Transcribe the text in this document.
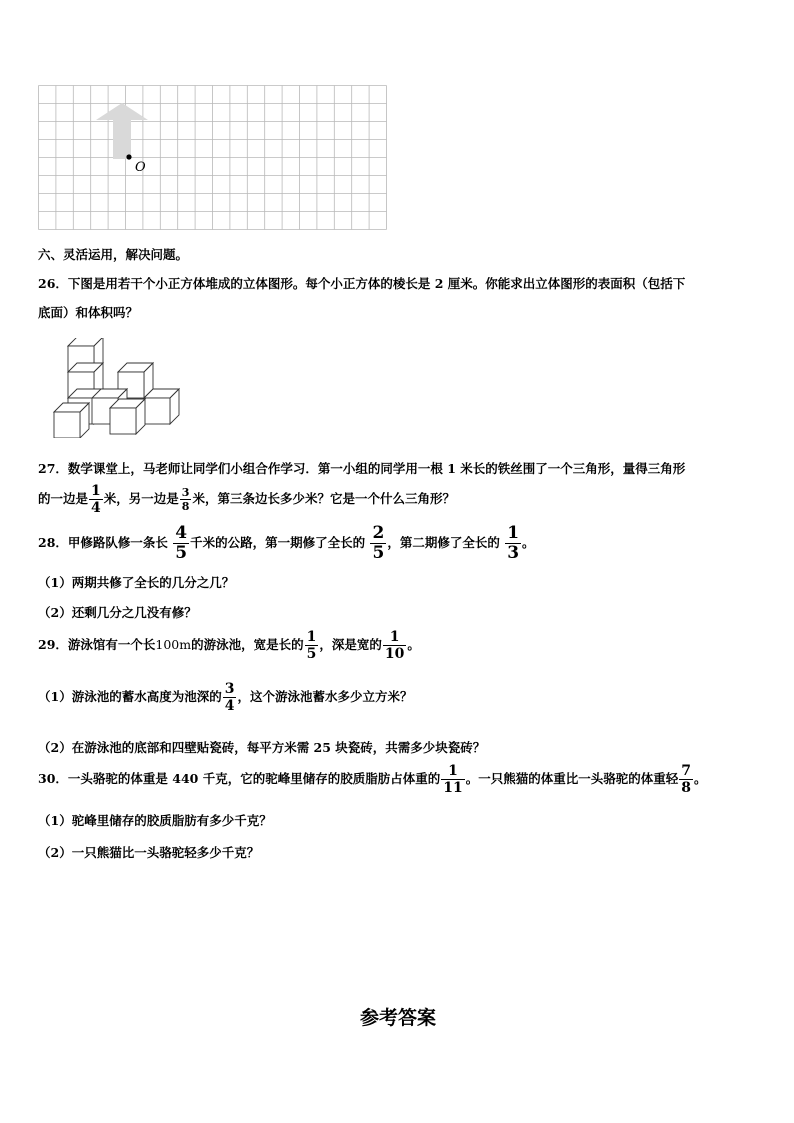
O
六、灵活运用，解决问题。
26．下图是用若干个小正方体堆成的立体图形。每个小正方体的棱长是 2 厘米。你能求出立体图形的表面积（包括下
底面）和体积吗？
27．数学课堂上，马老师让同学们小组合作学习．第一小组的同学用一根 1 米长的铁丝围了一个三角形，量得三角形
的一边是 $\frac{1}{4}$ 米，另一边是 $\frac{3}{8}$ 米，第三条边长多少米？它是一个什么三角形？
28．甲修路队修一条长 $\frac{4}{5}$ 千米的公路，第一期修了全长的 $\frac{2}{5}$ ，第二期修了全长的 $\frac{1}{3}$ 。
（1）两期共修了全长的几分之几？
（2）还剩几分之几没有修？
29．游泳馆有一个长100m的游泳池，宽是长的 $\frac{1}{5}$ ，深是宽的 $\frac{1}{10}$ 。
（1）游泳池的蓄水高度为池深的 $\frac{3}{4}$ ，这个游泳池蓄水多少立方米？
（2）在游泳池的底部和四壁贴瓷砖，每平方米需 25 块瓷砖，共需多少块瓷砖？
30．一头骆驼的体重是 440 千克，它的驼峰里储存的胶质脂肪占体重的 $\frac{1}{11}$ 。一只熊猫的体重比一头骆驼的体重轻 $\frac{7}{8}$ 。
（1）驼峰里储存的胶质脂肪有多少千克？
（2）一只熊猫比一头骆驼轻多少千克？
参考答案
